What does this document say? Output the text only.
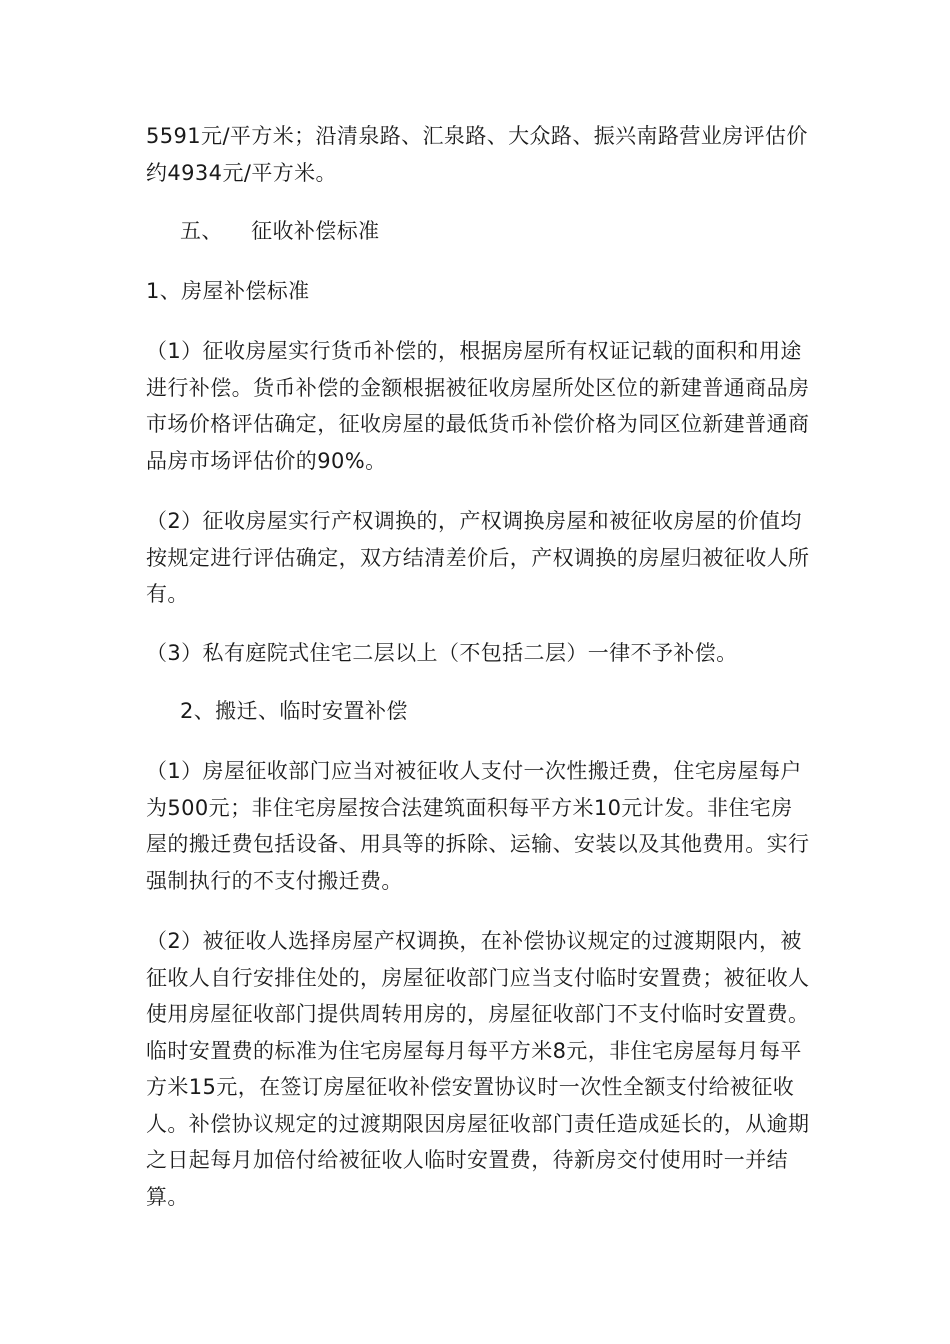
5591元/平方米；沿清泉路、汇泉路、大众路、振兴南路营业房评估价约4934元/平方米。
五、    征收补偿标准
1、房屋补偿标准
（1）征收房屋实行货币补偿的，根据房屋所有权证记载的面积和用途进行补偿。货币补偿的金额根据被征收房屋所处区位的新建普通商品房市场价格评估确定，征收房屋的最低货币补偿价格为同区位新建普通商品房市场评估价的90%。
（2）征收房屋实行产权调换的，产权调换房屋和被征收房屋的价值均按规定进行评估确定，双方结清差价后，产权调换的房屋归被征收人所有。
（3）私有庭院式住宅二层以上（不包括二层）一律不予补偿。
2、搬迁、临时安置补偿
（1）房屋征收部门应当对被征收人支付一次性搬迁费，住宅房屋每户为500元；非住宅房屋按合法建筑面积每平方米10元计发。非住宅房屋的搬迁费包括设备、用具等的拆除、运输、安装以及其他费用。实行强制执行的不支付搬迁费。
（2）被征收人选择房屋产权调换，在补偿协议规定的过渡期限内，被征收人自行安排住处的，房屋征收部门应当支付临时安置费；被征收人使用房屋征收部门提供周转用房的，房屋征收部门不支付临时安置费。临时安置费的标准为住宅房屋每月每平方米8元，非住宅房屋每月每平方米15元，在签订房屋征收补偿安置协议时一次性全额支付给被征收人。补偿协议规定的过渡期限因房屋征收部门责任造成延长的，从逾期之日起每月加倍付给被征收人临时安置费，待新房交付使用时一并结算。
